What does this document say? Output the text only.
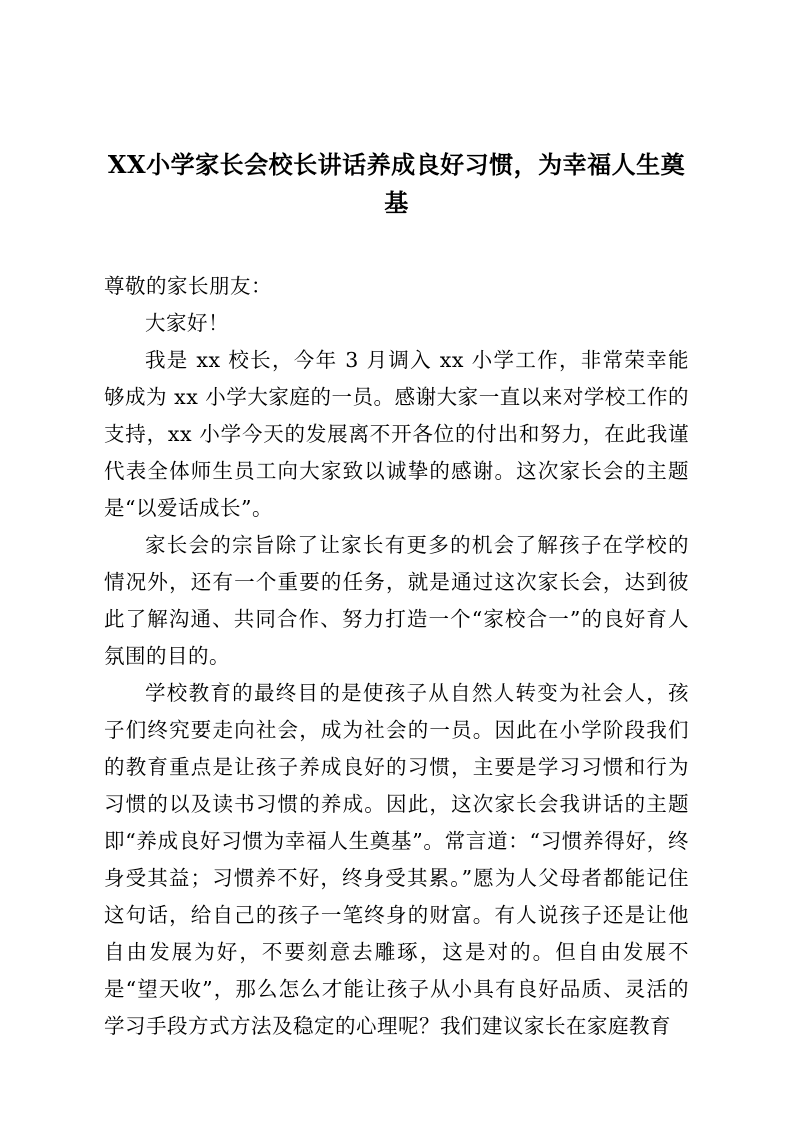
XX小学家长会校长讲话养成良好习惯，为幸福人生奠基

尊敬的家长朋友：

大家好！

我是 xx 校长，今年 3 月调入 xx 小学工作，非常荣幸能够成为 xx 小学大家庭的一员。感谢大家一直以来对学校工作的支持，xx 小学今天的发展离不开各位的付出和努力，在此我谨代表全体师生员工向大家致以诚挚的感谢。这次家长会的主题是“以爱话成长”。

家长会的宗旨除了让家长有更多的机会了解孩子在学校的情况外，还有一个重要的任务，就是通过这次家长会，达到彼此了解沟通、共同合作、努力打造一个“家校合一”的良好育人氛围的目的。

学校教育的最终目的是使孩子从自然人转变为社会人，孩子们终究要走向社会，成为社会的一员。因此在小学阶段我们的教育重点是让孩子养成良好的习惯，主要是学习习惯和行为习惯的以及读书习惯的养成。因此，这次家长会我讲话的主题即“养成良好习惯为幸福人生奠基”。常言道：“习惯养得好，终身受其益；习惯养不好，终身受其累。”愿为人父母者都能记住这句话，给自己的孩子一笔终身的财富。有人说孩子还是让他自由发展为好，不要刻意去雕琢，这是对的。但自由发展不是“望天收”，那么怎么才能让孩子从小具有良好品质、灵活的学习手段方式方法及稳定的心理呢？我们建议家长在家庭教育
